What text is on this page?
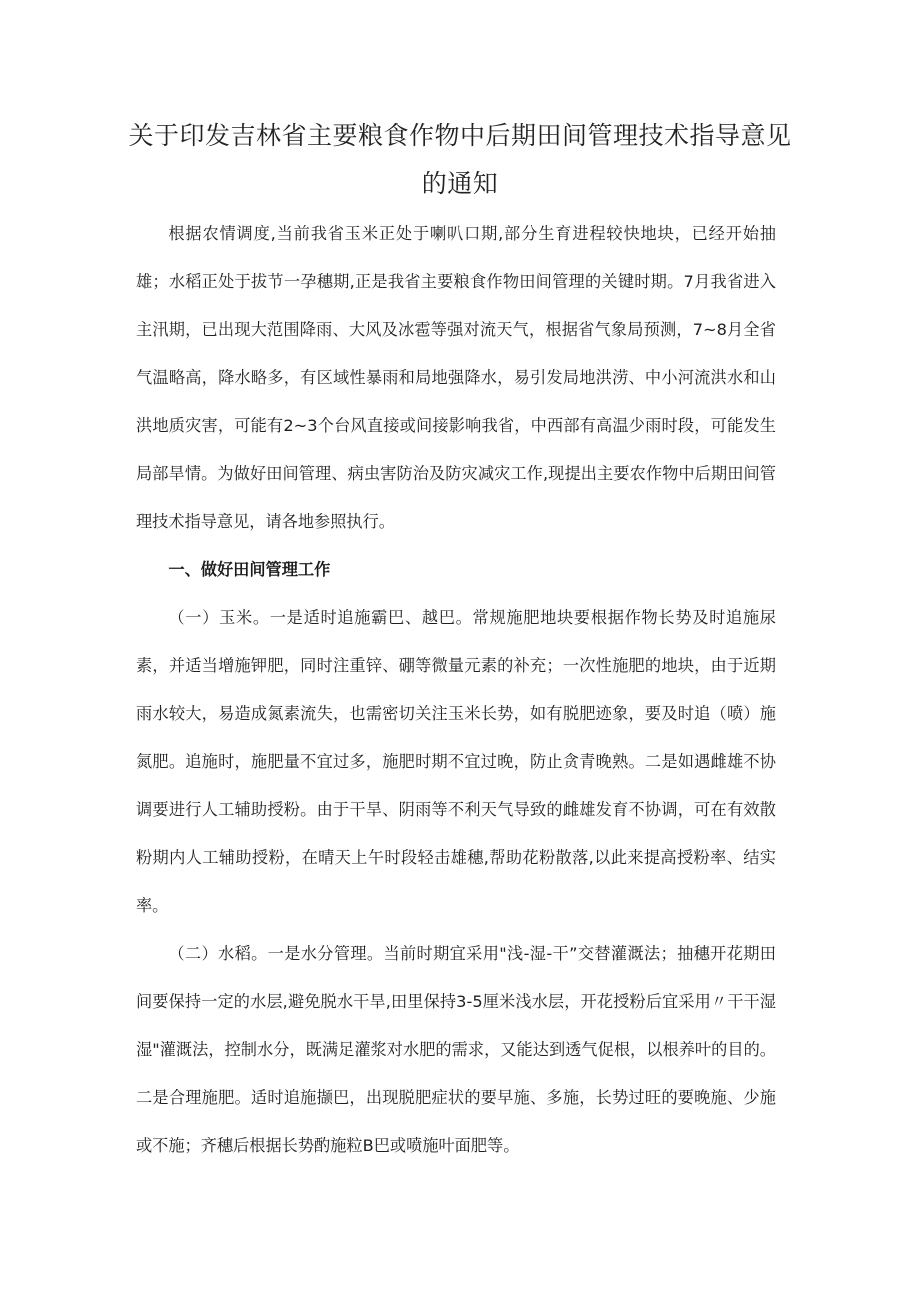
关于印发吉林省主要粮食作物中后期田间管理技术指导意见的通知

根据农情调度,当前我省玉米正处于喇叭口期,部分生育进程较快地块，已经开始抽雄；水稻正处于拔节一孕穗期,正是我省主要粮食作物田间管理的关键时期。7月我省进入主汛期，已出现大范围降雨、大风及冰雹等强对流天气，根据省气象局预测，7~8月全省气温略高，降水略多，有区域性暴雨和局地强降水，易引发局地洪涝、中小河流洪水和山洪地质灾害，可能有2~3个台风直接或间接影响我省，中西部有高温少雨时段，可能发生局部旱情。为做好田间管理、病虫害防治及防灾减灾工作,现提出主要农作物中后期田间管理技术指导意见，请各地参照执行。

一、做好田间管理工作

（一）玉米。一是适时追施霸巴、越巴。常规施肥地块要根据作物长势及时追施尿素，并适当增施钾肥，同时注重锌、硼等微量元素的补充；一次性施肥的地块，由于近期雨水较大，易造成氮素流失，也需密切关注玉米长势，如有脱肥迹象，要及时追（喷）施氮肥。追施时，施肥量不宜过多，施肥时期不宜过晚，防止贪青晚熟。二是如遇雌雄不协调要进行人工辅助授粉。由于干旱、阴雨等不利天气导致的雌雄发育不协调，可在有效散粉期内人工辅助授粉，在晴天上午时段轻击雄穗,帮助花粉散落,以此来提高授粉率、结实率。

（二）水稻。一是水分管理。当前时期宜采用"浅-湿-干”交替灌溉法；抽穗开花期田间要保持一定的水层,避免脱水干旱,田里保持3-5厘米浅水层，开花授粉后宜采用〃干干湿湿"灌溉法，控制水分，既满足灌浆对水肥的需求，又能达到透气促根，以根养叶的目的。二是合理施肥。适时追施撷巴，出现脱肥症状的要早施、多施，长势过旺的要晚施、少施或不施；齐穗后根据长势酌施粒B巴或喷施叶面肥等。
